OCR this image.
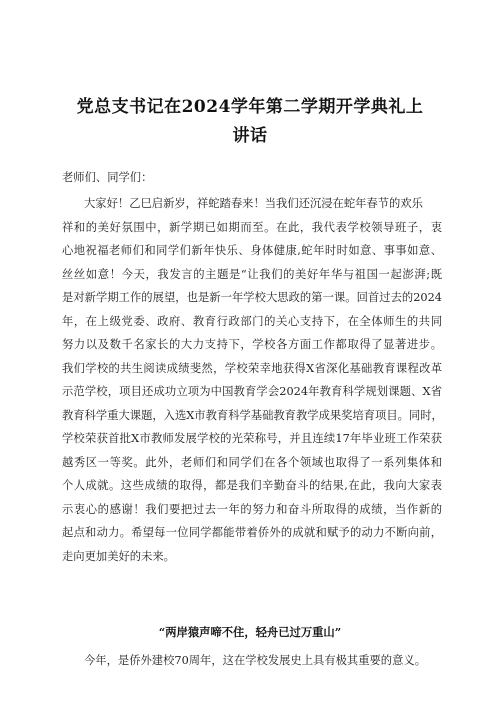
党总支书记在2024学年第二学期开学典礼上
讲话

老师们、同学们：

大家好！乙巳启新岁，祥蛇踏春来！当我们还沉浸在蛇年春节的欢乐

祥和的美好氛围中，新学期已如期而至。在此，我代表学校领导班子，衷

心地祝福老师们和同学们新年快乐、身体健康,蛇年时时如意、事事如意、

丝丝如意！今天，我发言的主题是“让我们的美好年华与祖国一起澎湃;既

是对新学期工作的展望，也是新一年学校大思政的第一课。回首过去的2024

年，在上级党委、政府、教育行政部门的关心支持下，在全体师生的共同

努力以及数千名家长的大力支持下，学校各方面工作都取得了显著进步。

我们学校的共生阅读成绩斐然，学校荣幸地获得X省深化基础教育课程改革

示范学校，项目还成功立项为中国教育学会2024年教育科学规划课题、X省

教育科学重大课题，入选X市教育科学基础教育教学成果奖培育项目。同时，

学校荣获首批X市教师发展学校的光荣称号，并且连续17年毕业班工作荣获

越秀区一等奖。此外，老师们和同学们在各个领域也取得了一系列集体和

个人成就。这些成绩的取得，都是我们辛勤奋斗的结果,在此，我向大家表

示衷心的感谢！我们要把过去一年的努力和奋斗所取得的成绩，当作新的

起点和动力。希望每一位同学都能带着侨外的成就和赋予的动力不断向前，

走向更加美好的未来。

“两岸猿声啼不住，轻舟已过万重山”

今年，是侨外建校70周年，这在学校发展史上具有极其重要的意义。
